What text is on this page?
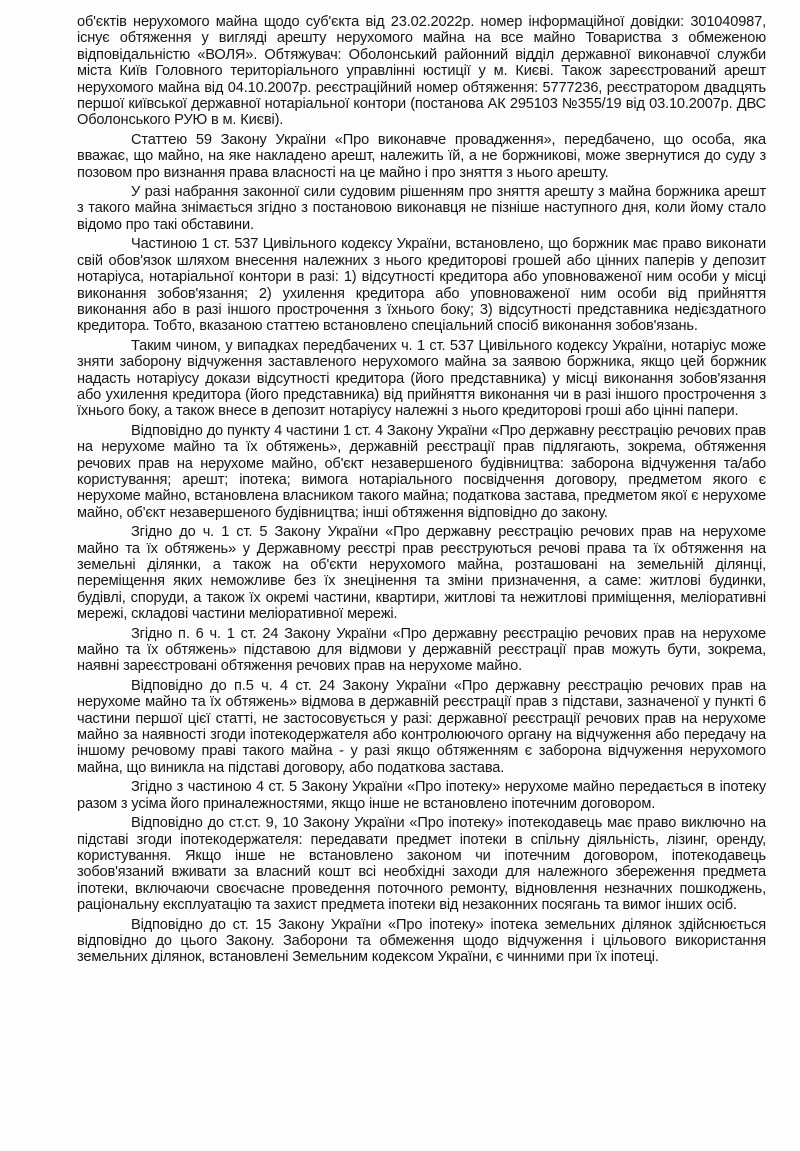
об'єктів нерухомого майна щодо суб'єкта від 23.02.2022р. номер інформаційної довідки: 301040987, існує обтяження у вигляді арешту нерухомого майна на все майно Товариства з обмеженою відповідальністю «ВОЛЯ». Обтяжувач: Оболонський районний відділ державної виконавчої служби міста Київ Головного територіального управлінні юстиції у м. Києві. Також зареєстрований арешт нерухомого майна від 04.10.2007р. реєстраційний номер обтяження: 5777236, реєстратором двадцять першої київської державної нотаріальної контори (постанова АК 295103 №355/19 від 03.10.2007р. ДВС Оболонського РУЮ в м. Києві).

Статтею 59 Закону України «Про виконавче провадження», передбачено, що особа, яка вважає, що майно, на яке накладено арешт, належить їй, а не боржникові, може звернутися до суду з позовом про визнання права власності на це майно і про зняття з нього арешту.

У разі набрання законної сили судовим рішенням про зняття арешту з майна боржника арешт з такого майна знімається згідно з постановою виконавця не пізніше наступного дня, коли йому стало відомо про такі обставини.

Частиною 1 ст. 537 Цивільного кодексу України, встановлено, що боржник має право виконати свій обов'язок шляхом внесення належних з нього кредиторові грошей або цінних паперів у депозит нотаріуса, нотаріальної контори в разі: 1) відсутності кредитора або уповноваженої ним особи у місці виконання зобов'язання; 2) ухилення кредитора або уповноваженої ним особи від прийняття виконання або в разі іншого прострочення з їхнього боку; 3) відсутності представника недієздатного кредитора. Тобто, вказаною статтею встановлено спеціальний спосіб виконання зобов'язань.

Таким чином, у випадках передбачених ч. 1 ст. 537 Цивільного кодексу України, нотаріус може зняти заборону відчуження заставленого нерухомого майна за заявою боржника, якщо цей боржник надасть нотаріусу докази відсутності кредитора (його представника) у місці виконання зобов'язання або ухилення кредитора (його представника) від прийняття виконання чи в разі іншого прострочення з їхнього боку, а також внесе в депозит нотаріусу належні з нього кредиторові гроші або цінні папери.

Відповідно до пункту 4 частини 1 ст. 4 Закону України «Про державну реєстрацію речових прав на нерухоме майно та їх обтяжень», державній реєстрації прав підлягають, зокрема, обтяження речових прав на нерухоме майно, об'єкт незавершеного будівництва: заборона відчуження та/або користування; арешт; іпотека; вимога нотаріального посвідчення договору, предметом якого є нерухоме майно, встановлена власником такого майна; податкова застава, предметом якої є нерухоме майно, об'єкт незавершеного будівництва; інші обтяження відповідно до закону.

Згідно до ч. 1 ст. 5 Закону України «Про державну реєстрацію речових прав на нерухоме майно та їх обтяжень» у Державному реєстрі прав реєструються речові права та їх обтяження на земельні ділянки, а також на об'єкти нерухомого майна, розташовані на земельній ділянці, переміщення яких неможливе без їх знецінення та зміни призначення, а саме: житлові будинки, будівлі, споруди, а також їх окремі частини, квартири, житлові та нежитлові приміщення, меліоративні мережі, складові частини меліоративної мережі.

Згідно п. 6 ч. 1 ст. 24 Закону України «Про державну реєстрацію речових прав на нерухоме майно та їх обтяжень» підставою для відмови у державній реєстрації прав можуть бути, зокрема, наявні зареєстровані обтяження речових прав на нерухоме майно.

Відповідно до п.5 ч. 4 ст. 24 Закону України «Про державну реєстрацію речових прав на нерухоме майно та їх обтяжень» відмова в державній реєстрації прав з підстави, зазначеної у пункті 6 частини першої цієї статті, не застосовується у разі: державної реєстрації речових прав на нерухоме майно за наявності згоди іпотекодержателя або контролюючого органу на відчуження або передачу на іншому речовому праві такого майна - у разі якщо обтяженням є заборона відчуження нерухомого майна, що виникла на підставі договору, або податкова застава.

Згідно з частиною 4 ст. 5 Закону України «Про іпотеку» нерухоме майно передається в іпотеку разом з усіма його приналежностями, якщо інше не встановлено іпотечним договором.

Відповідно до ст.ст. 9, 10 Закону України «Про іпотеку» іпотекодавець має право виключно на підставі згоди іпотекодержателя: передавати предмет іпотеки в спільну діяльність, лізинг, оренду, користування. Якщо інше не встановлено законом чи іпотечним договором, іпотекодавець зобов'язаний вживати за власний кошт всі необхідні заходи для належного збереження предмета іпотеки, включаючи своєчасне проведення поточного ремонту, відновлення незначних пошкоджень, раціональну експлуатацію та захист предмета іпотеки від незаконних посягань та вимог інших осіб.

Відповідно до ст. 15 Закону України «Про іпотеку» іпотека земельних ділянок здійснюється відповідно до цього Закону. Заборони та обмеження щодо відчуження і цільового використання земельних ділянок, встановлені Земельним кодексом України, є чинними при їх іпотеці.
